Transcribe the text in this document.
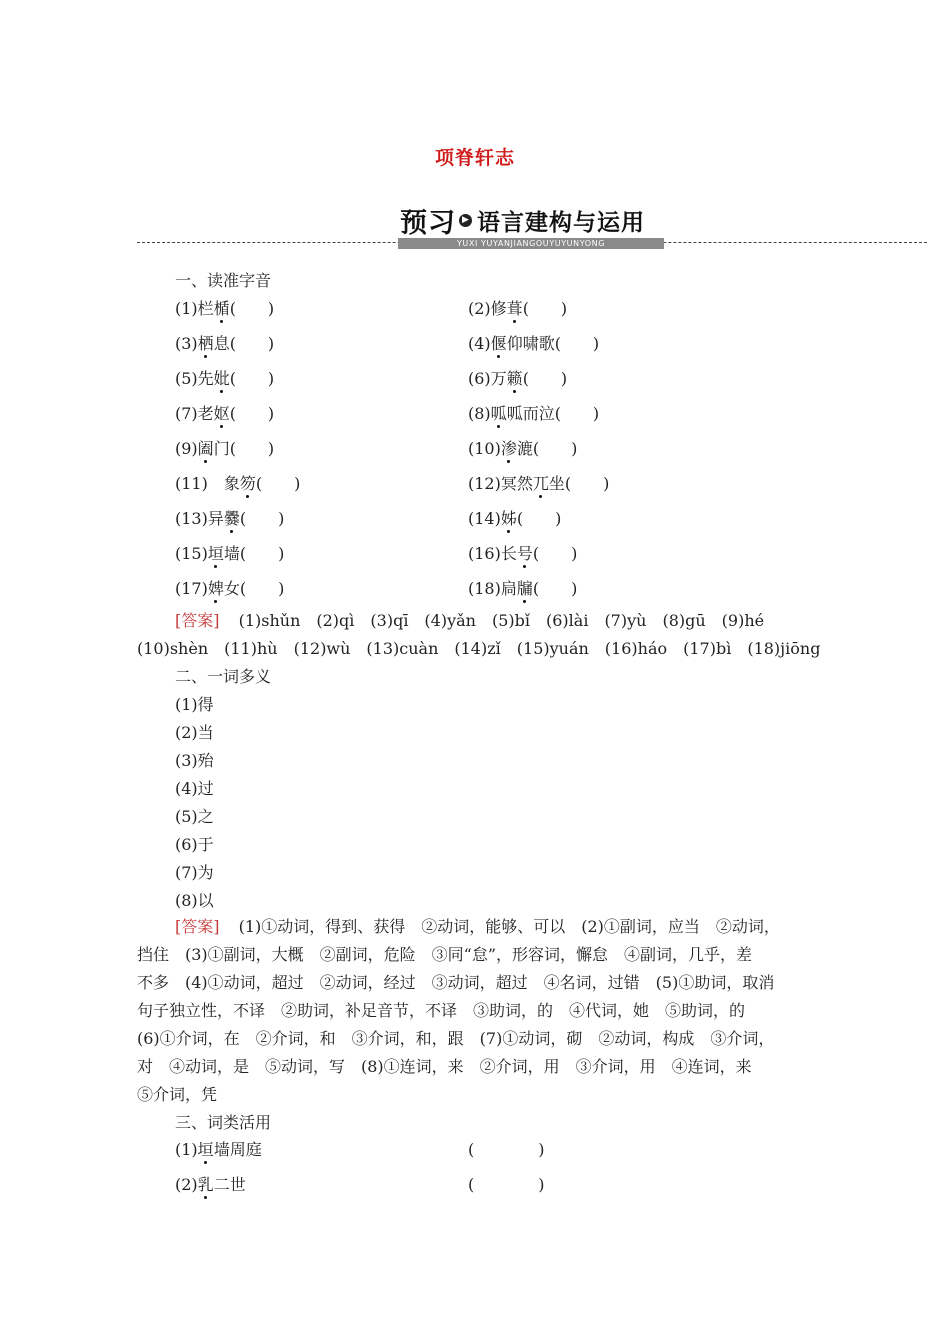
项脊轩志
预习 ▶ 语言建构与运用
YUXI YUYANJIANGOUYUYUNYONG
一、读准字音
(1)栏楯(　　)	(2)修葺(　　)
(3)栖息(　　)	(4)偃仰啸歌(　　)
(5)先妣(　　)	(6)万籁(　　)
(7)老妪(　　)	(8)呱呱而泣(　　)
(9)阖门(　　)	(10)渗漉(　　)
(11)　象笏(　　)	(12)冥然兀坐(　　)
(13)异爨(　　)	(14)姊(　　)
(15)垣墙(　　)	(16)长号(　　)
(17)婢女(　　)	(18)扃牖(　　)
[答案] (1)shǔn　(2)qì　(3)qī　(4)yǎn　(5)bǐ　(6)lài　(7)yù　(8)gū　(9)hé
(10)shèn　(11)hù　(12)wù　(13)cuàn　(14)zǐ　(15)yuán　(16)háo　(17)bì　(18)jiōng
二、一词多义
(1)得
(2)当
(3)殆
(4)过
(5)之
(6)于
(7)为
(8)以
[答案] (1)①动词，得到、获得　②动词，能够、可以　(2)①副词，应当　②动词，
挡住　(3)①副词，大概　②副词，危险　③同“怠”，形容词，懈怠　④副词，几乎，差
不多　(4)①动词，超过　②动词，经过　③动词，超过　④名词，过错　(5)①助词，取消
句子独立性，不译　②助词，补足音节，不译　③助词，的　④代词，她　⑤助词，的
(6)①介词，在　②介词，和　③介词，和，跟　(7)①动词，砌　②动词，构成　③介词，
对　④动词，是　⑤动词，写　(8)①连词，来　②介词，用　③介词，用　④连词，来
⑤介词，凭
三、词类活用
(1)垣墙周庭	(　　　　)
(2)乳二世	(　　　　)
